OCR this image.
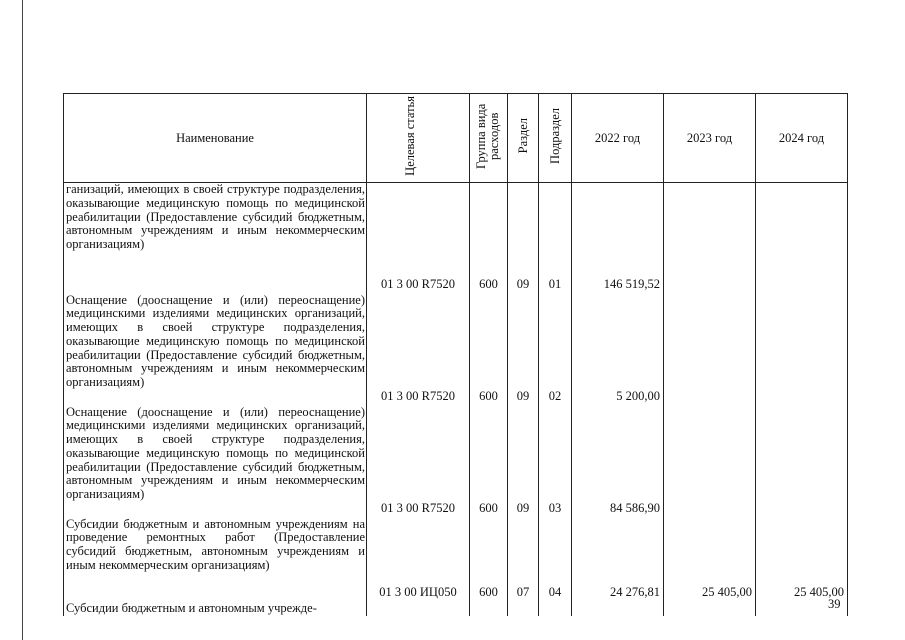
Наименование	Целевая статья	Группа вида расходов	Раздел	Подраздел	2022 год	2023 год	2024 год
ганизаций, имеющих в своей структуре подразделения, оказывающие медицинскую помощь по медицинской реабилитации (Предоставление субсидий бюджетным, автономным учреждениям и иным некоммерческим организациям)	01 3 00 R7520	600	09	01	146 519,52		
Оснащение (дооснащение и (или) переоснащение) медицинскими изделиями медицинских организаций, имеющих в своей структуре подразделения, оказывающие медицинскую помощь по медицинской реабилитации (Предоставление субсидий бюджетным, автономным учреждениям и иным некоммерческим организациям)	01 3 00 R7520	600	09	02	5 200,00		
Оснащение (дооснащение и (или) переоснащение) медицинскими изделиями медицинских организаций, имеющих в своей структуре подразделения, оказывающие медицинскую помощь по медицинской реабилитации (Предоставление субсидий бюджетным, автономным учреждениям и иным некоммерческим организациям)	01 3 00 R7520	600	09	03	84 586,90		
Субсидии бюджетным и автономным учреждениям на проведение ремонтных работ (Предоставление субсидий бюджетным, автономным учреждениям и иным некоммерческим организациям)	01 3 00 ИЦ050	600	07	04	24 276,81	25 405,00	25 405,00
Субсидии бюджетным и автономным учрежде-								39
